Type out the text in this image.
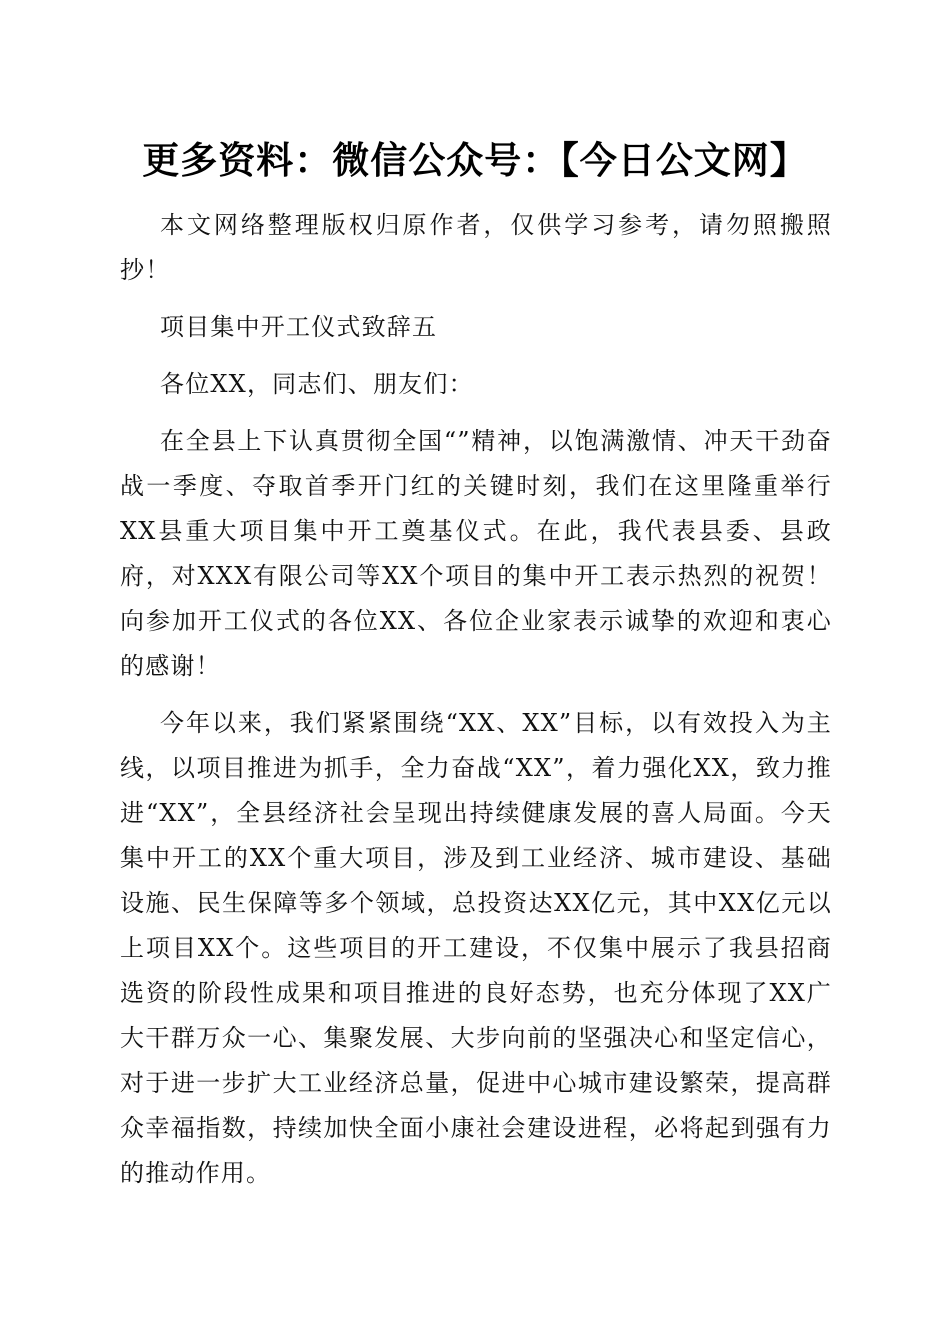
更多资料：微信公众号：【今日公文网】

本文网络整理版权归原作者，仅供学习参考，请勿照搬照抄！

项目集中开工仪式致辞五

各位XX，同志们、朋友们：

在全县上下认真贯彻全国“”精神，以饱满激情、冲天干劲奋战一季度、夺取首季开门红的关键时刻，我们在这里隆重举行XX县重大项目集中开工奠基仪式。在此，我代表县委、县政府，对XXX有限公司等XX个项目的集中开工表示热烈的祝贺！向参加开工仪式的各位XX、各位企业家表示诚挚的欢迎和衷心的感谢！

今年以来，我们紧紧围绕“XX、XX”目标，以有效投入为主线，以项目推进为抓手，全力奋战“XX”，着力强化XX，致力推进“XX”，全县经济社会呈现出持续健康发展的喜人局面。今天集中开工的XX个重大项目，涉及到工业经济、城市建设、基础设施、民生保障等多个领域，总投资达XX亿元，其中XX亿元以上项目XX个。这些项目的开工建设，不仅集中展示了我县招商选资的阶段性成果和项目推进的良好态势，也充分体现了XX广大干群万众一心、集聚发展、大步向前的坚强决心和坚定信心，对于进一步扩大工业经济总量，促进中心城市建设繁荣，提高群众幸福指数，持续加快全面小康社会建设进程，必将起到强有力的推动作用。
